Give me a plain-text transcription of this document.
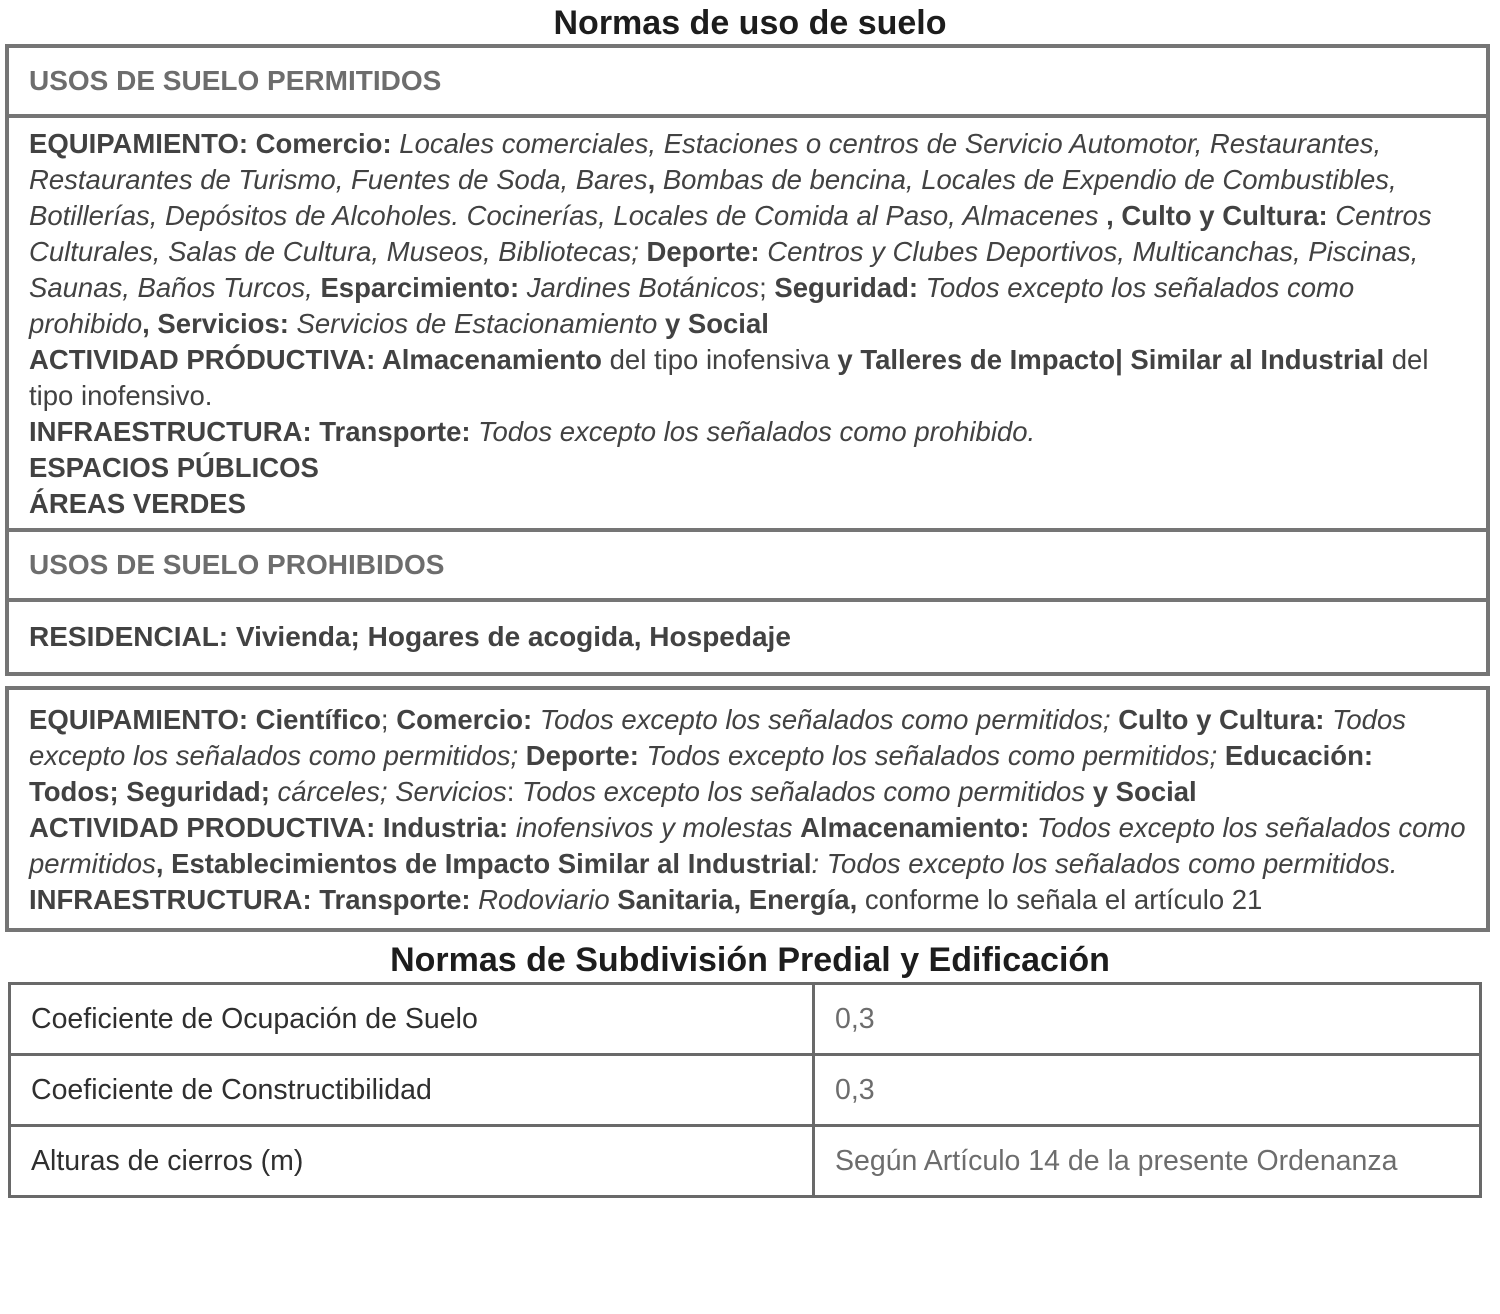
Normas de uso de suelo
USOS DE SUELO PERMITIDOS

EQUIPAMIENTO: Comercio: Locales comerciales, Estaciones o centros de Servicio Automotor, Restaurantes, Restaurantes de Turismo, Fuentes de Soda, Bares, Bombas de bencina, Locales de Expendio de Combustibles, Botillerías, Depósitos de Alcoholes. Cocinerías, Locales de Comida al Paso, Almacenes , Culto y Cultura: Centros Culturales, Salas de Cultura, Museos, Bibliotecas; Deporte: Centros y Clubes Deportivos, Multicanchas, Piscinas, Saunas, Baños Turcos, Esparcimiento: Jardines Botánicos; Seguridad: Todos excepto los señalados como prohibido, Servicios: Servicios de Estacionamiento y Social

ACTIVIDAD PRÓDUCTIVA: Almacenamiento del tipo inofensiva y Talleres de Impacto| Similar al Industrial del tipo inofensivo.

INFRAESTRUCTURA: Transporte: Todos excepto los señalados como prohibido.

ESPACIOS PÚBLICOS

ÁREAS VERDES

USOS DE SUELO PROHIBIDOS
RESIDENCIAL: Vivienda; Hogares de acogida, Hospedaje

EQUIPAMIENTO: Científico; Comercio: Todos excepto los señalados como permitidos; Culto y Cultura: Todos excepto los señalados como permitidos; Deporte: Todos excepto los señalados como permitidos; Educación: Todos; Seguridad; cárceles; Servicios: Todos excepto los señalados como permitidos y Social

ACTIVIDAD PRODUCTIVA: Industria: inofensivos y molestas Almacenamiento: Todos excepto los señalados como permitidos, Establecimientos de Impacto Similar al Industrial: Todos excepto los señalados como permitidos.

INFRAESTRUCTURA: Transporte: Rodoviario Sanitaria, Energía, conforme lo señala el artículo 21

Normas de Subdivisión Predial y Edificación
Coeficiente de Ocupación de Suelo	0,3
Coeficiente de Constructibilidad	0,3
Alturas de cierros (m)	Según Artículo 14 de la presente Ordenanza
